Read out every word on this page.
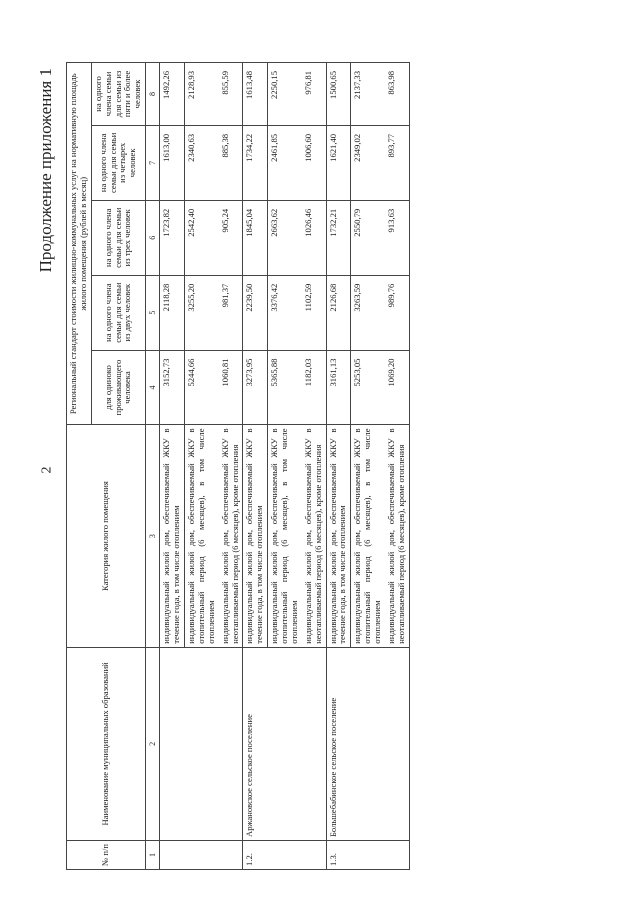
2
Продолжение приложения 1
№ п/п	Наименование муниципальных образований	Категория жилого помещения	Региональный стандарт стоимости жилищно-коммунальных услуг на нормативную площадь жилого помещения (рублей в месяц)				
			для одиноко проживающего человека	на одного члена семьи для семьи из двух человек	на одного члена семьи для семьи из трех человек	на одного члена семьи для семьи из четырех человек	на одного члена семьи для семьи из пяти и более человек
1	2	3	4	5	6	7	8
		индивидуальный жилой дом, обеспечиваемый ЖКУ в течение года, в том числе отоплением	3152,73	2118,28	1723,82	1613,00	1492,26
		индивидуальный жилой дом, обеспечиваемый ЖКУ в отопительный период (6 месяцев), в том числе отоплением	5244,66	3255,20	2542,40	2340,63	2128,93
		индивидуальный жилой дом, обеспечиваемый ЖКУ в неотапливаемый период (6 месяцев), кроме отопления	1060,81	981,37	905,24	885,38	855,59
1.2.	Аржановское сельское поселение	индивидуальный жилой дом, обеспечиваемый ЖКУ в течение года, в том числе отоплением	3273,95	2239,50	1845,04	1734,22	1613,48
		индивидуальный жилой дом, обеспечиваемый ЖКУ в отопительный период (6 месяцев), в том числе отоплением	5365,88	3376,42	2663,62	2461,85	2250,15
		индивидуальный жилой дом, обеспечиваемый ЖКУ в неотапливаемый период (6 месяцев), кроме отопления	1182,03	1102,59	1026,46	1006,60	976,81
1.3.	Большебабинское сельское поселение	индивидуальный жилой дом, обеспечиваемый ЖКУ в течение года, в том числе отоплением	3161,13	2126,68	1732,21	1621,40	1500,65
		индивидуальный жилой дом, обеспечиваемый ЖКУ в отопительный период (6 месяцев), в том числе отоплением	5253,05	3263,59	2550,79	2349,02	2137,33
		индивидуальный жилой дом, обеспечиваемый ЖКУ в неотапливаемый период (6 месяцев), кроме отопления	1069,20	989,76	913,63	893,77	863,98
